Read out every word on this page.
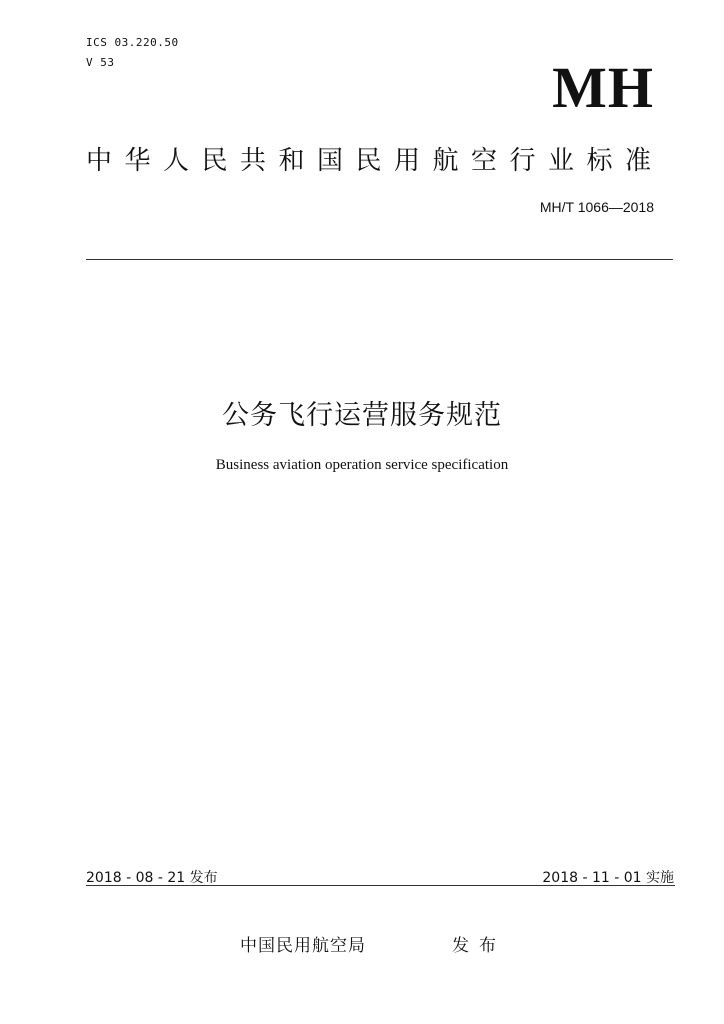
ICS 03.220.50
V 53	MH
中华人民共和国民用航空行业标准
MH/T 1066—2018
公务飞行运营服务规范
Business aviation operation service specification
2018 - 08 - 21 发布	2018 - 11 - 01 实施
中国民用航空局	发布
